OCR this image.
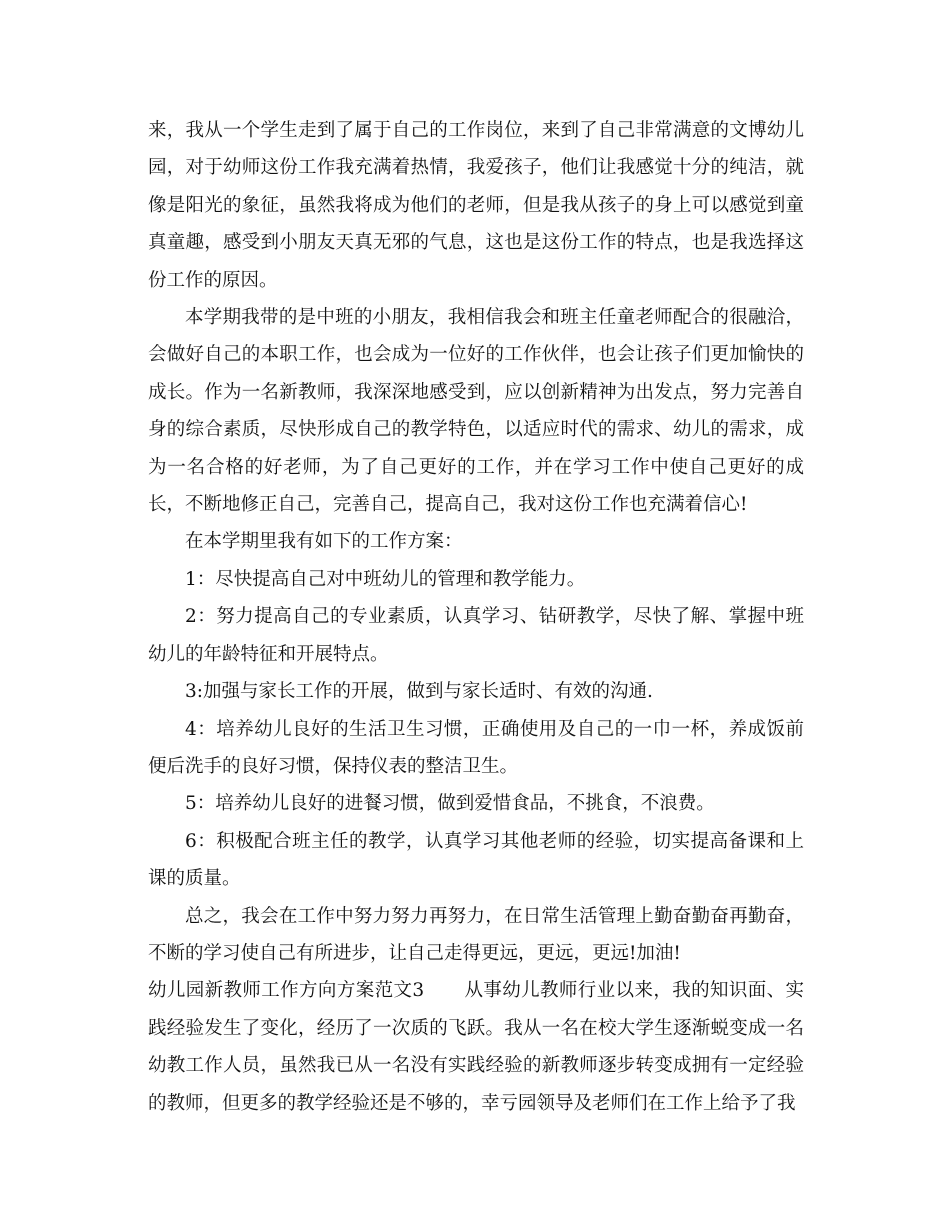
来，我从一个学生走到了属于自己的工作岗位，来到了自己非常满意的文博幼儿园，对于幼师这份工作我充满着热情，我爱孩子，他们让我感觉十分的纯洁，就像是阳光的象征，虽然我将成为他们的老师，但是我从孩子的身上可以感觉到童真童趣，感受到小朋友天真无邪的气息，这也是这份工作的特点，也是我选择这份工作的原因。

本学期我带的是中班的小朋友，我相信我会和班主任童老师配合的很融洽，会做好自己的本职工作，也会成为一位好的工作伙伴，也会让孩子们更加愉快的成长。作为一名新教师，我深深地感受到，应以创新精神为出发点，努力完善自身的综合素质，尽快形成自己的教学特色，以适应时代的需求、幼儿的需求，成为一名合格的好老师，为了自己更好的工作，并在学习工作中使自己更好的成长，不断地修正自己，完善自己，提高自己，我对这份工作也充满着信心!

在本学期里我有如下的工作方案：

1：尽快提高自己对中班幼儿的管理和教学能力。

2：努力提高自己的专业素质，认真学习、钻研教学，尽快了解、掌握中班幼儿的年龄特征和开展特点。

3:加强与家长工作的开展，做到与家长适时、有效的沟通.

4：培养幼儿良好的生活卫生习惯，正确使用及自己的一巾一杯，养成饭前便后洗手的良好习惯，保持仪表的整洁卫生。

5：培养幼儿良好的进餐习惯，做到爱惜食品，不挑食，不浪费。

6：积极配合班主任的教学，认真学习其他老师的经验，切实提高备课和上课的质量。

总之，我会在工作中努力努力再努力，在日常生活管理上勤奋勤奋再勤奋，不断的学习使自己有所进步，让自己走得更远，更远，更远!加油!

幼儿园新教师工作方向方案范文3 从事幼儿教师行业以来，我的知识面、实践经验发生了变化，经历了一次质的飞跃。我从一名在校大学生逐渐蜕变成一名幼教工作人员，虽然我已从一名没有实践经验的新教师逐步转变成拥有一定经验的教师，但更多的教学经验还是不够的，幸亏园领导及老师们在工作上给予了我
